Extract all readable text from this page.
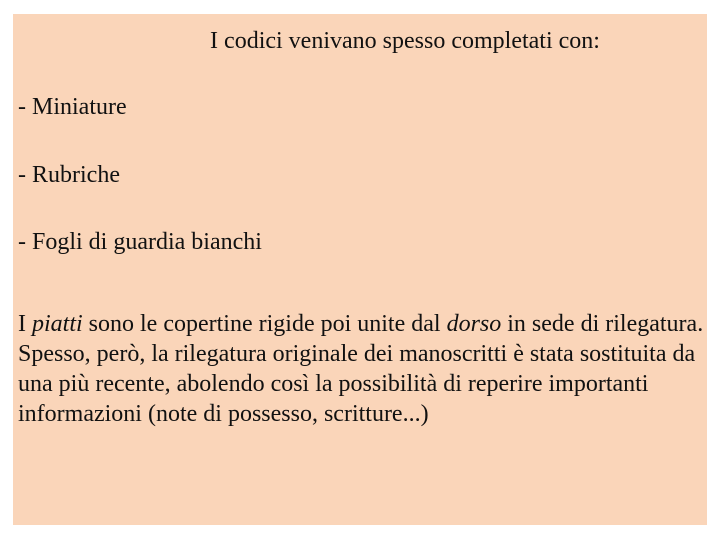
I codici venivano spesso completati con:
- Miniature
- Rubriche
- Fogli di guardia bianchi

I piatti sono le copertine rigide poi unite dal dorso in sede di rilegatura.

Spesso, però, la rilegatura originale dei manoscritti è stata sostituita da una più recente, abolendo così la possibilità di reperire importanti informazioni (note di possesso, scritture...)
